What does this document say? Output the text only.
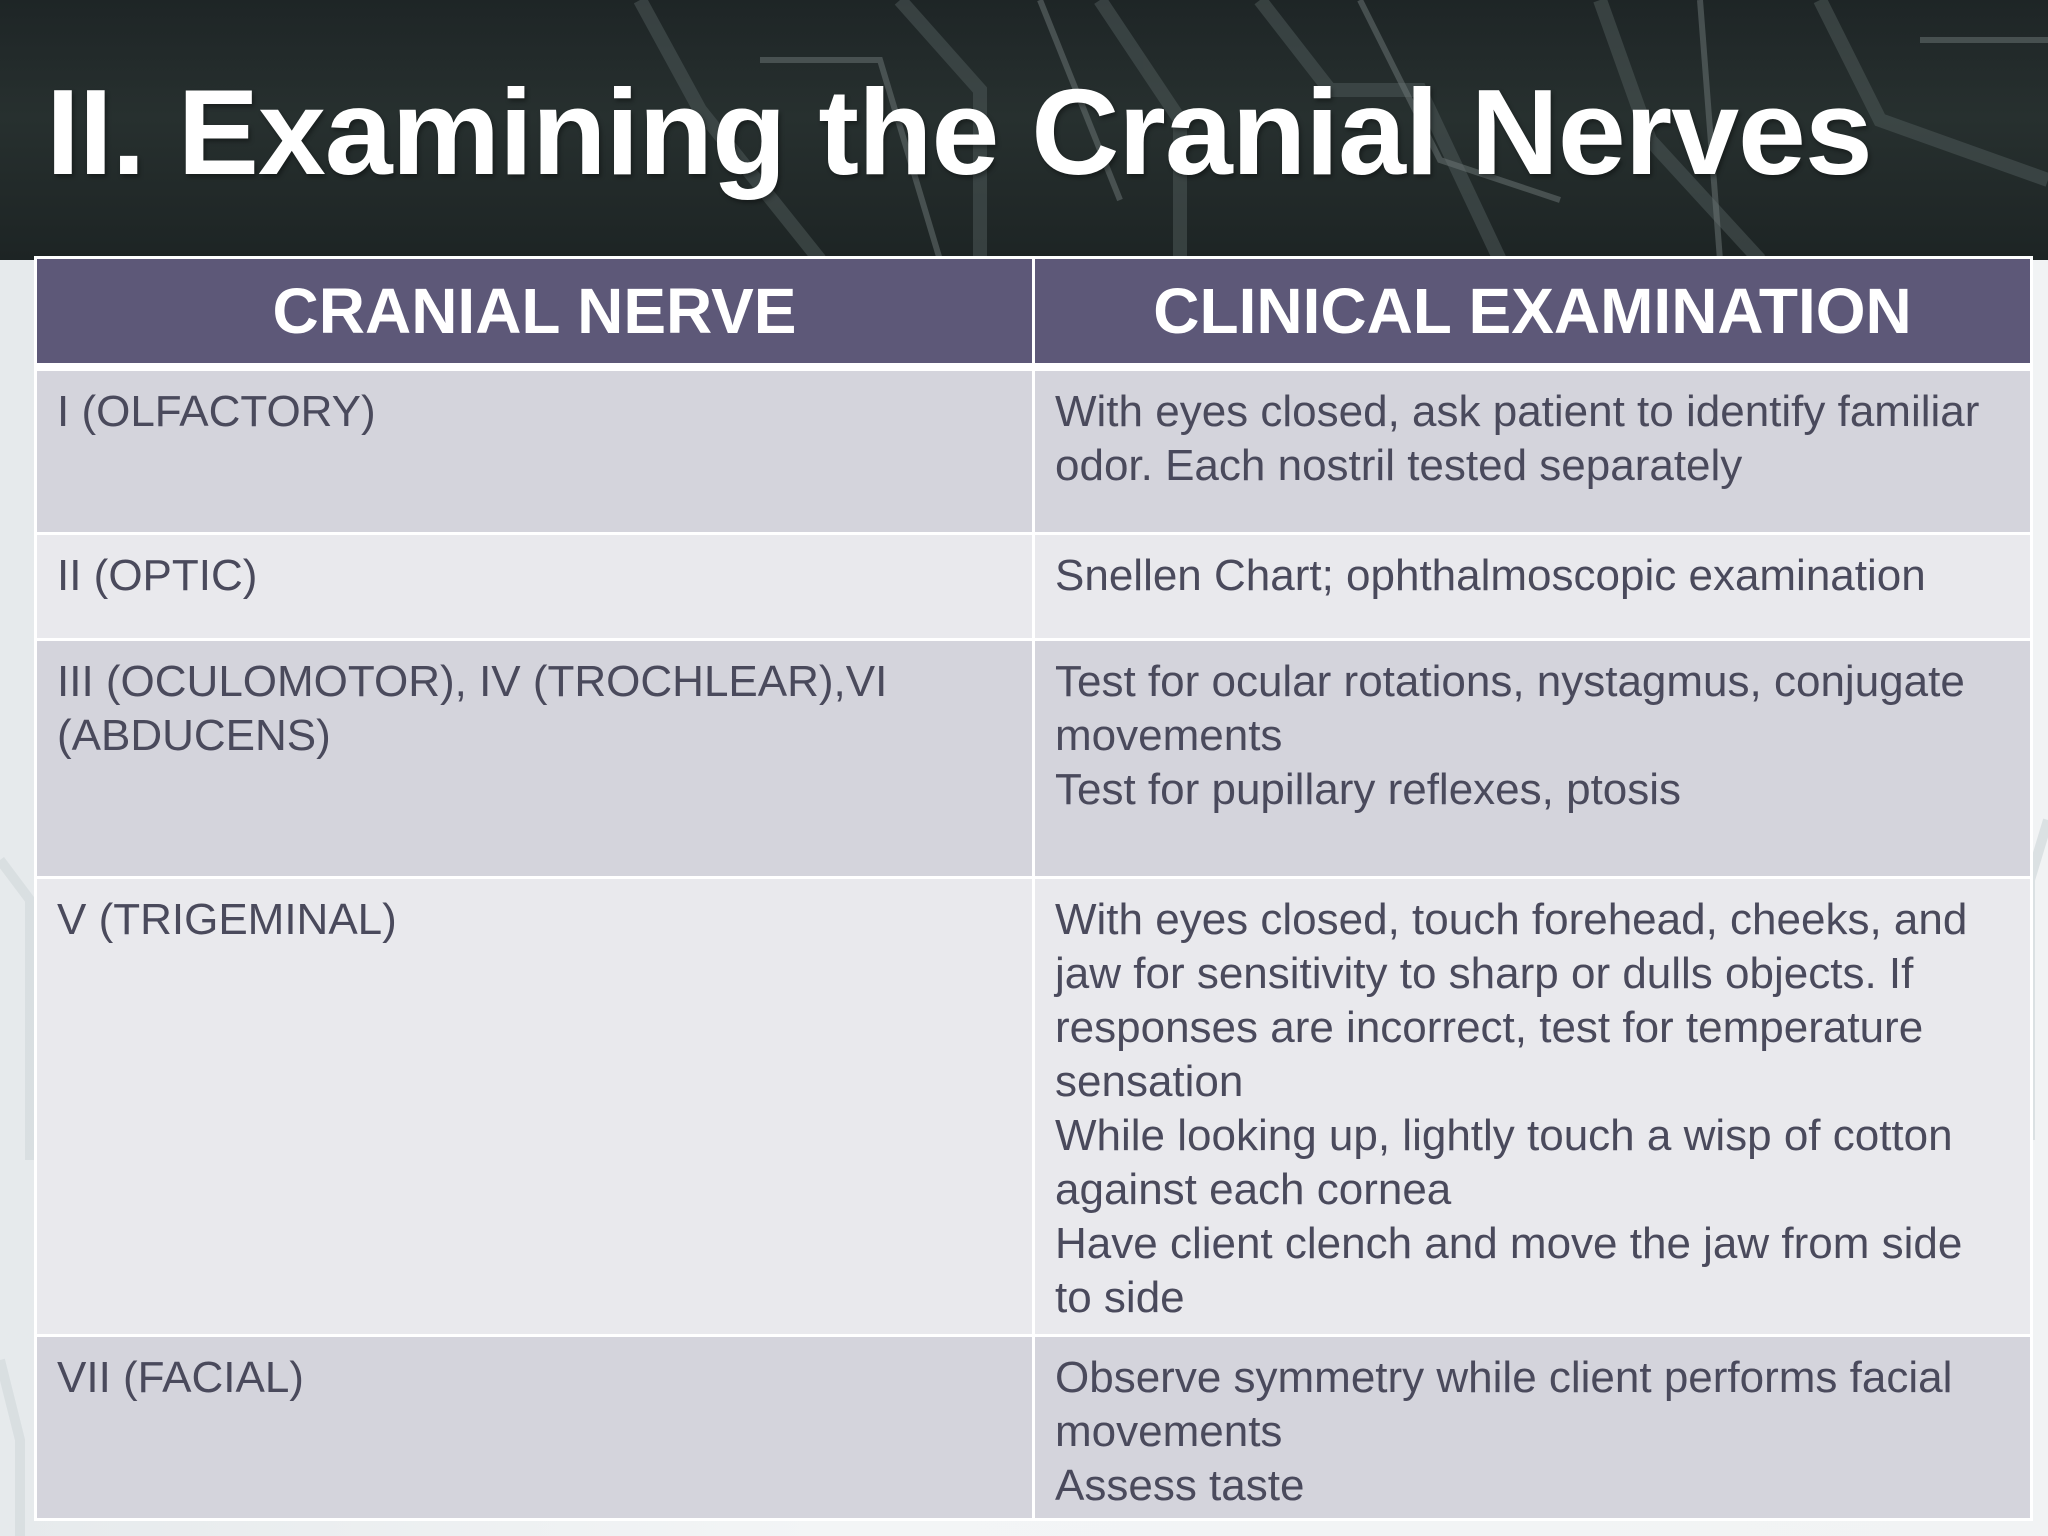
II. Examining the Cranial Nerves
CRANIAL NERVE	CLINICAL EXAMINATION
I (OLFACTORY)	With eyes closed, ask patient to identify familiar odor. Each nostril tested separately

II (OPTIC)	Snellen Chart; ophthalmoscopic examination

III (OCULOMOTOR), IV (TROCHLEAR),VI (ABDUCENS)	Test for ocular rotations, nystagmus, conjugate movements
Test for pupillary reflexes, ptosis

V (TRIGEMINAL)	With eyes closed, touch forehead, cheeks, and jaw for sensitivity to sharp or dulls objects. If responses are incorrect, test for temperature sensation
While looking up, lightly touch a wisp of cotton against each cornea
Have client clench and move the jaw from side to side

VII (FACIAL)	Observe symmetry while client performs facial movements
Assess taste
